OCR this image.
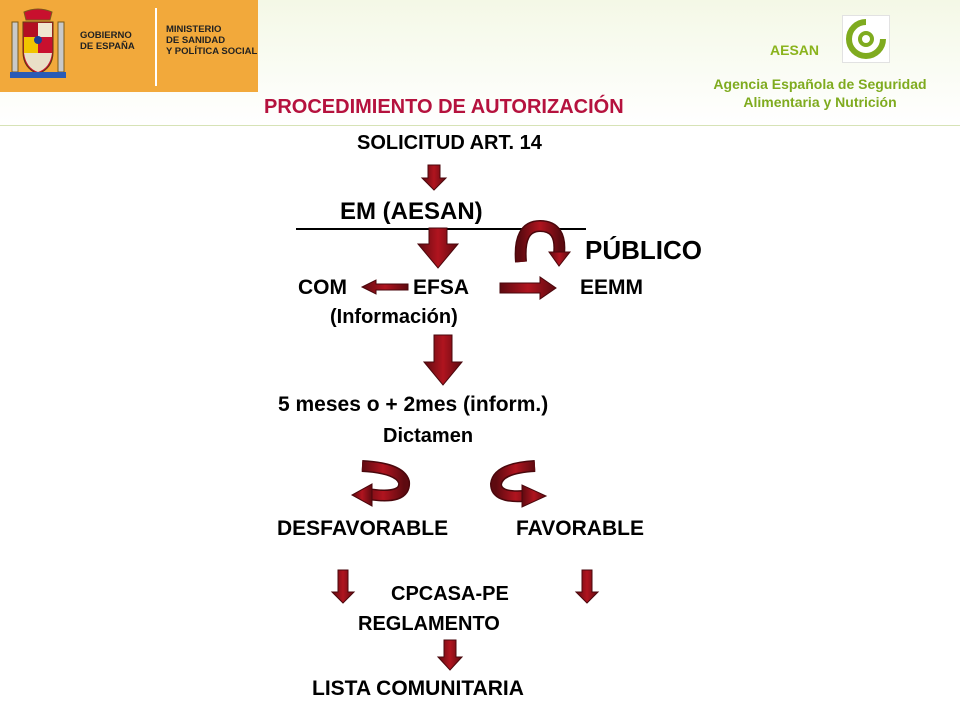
GOBIERNO
DE ESPAÑA
MINISTERIO
DE SANIDAD
Y POLÍTICA SOCIAL	AESAN
Agencia Española de Seguridad
Alimentaria y Nutrición
PROCEDIMIENTO DE AUTORIZACIÓN
SOLICITUD ART. 14
EM (AESAN)
PÚBLICO
COM	EFSA	EEMM
(Información)
5 meses o + 2mes (inform.)
Dictamen
DESFAVORABLE	FAVORABLE
CPCASA-PE
REGLAMENTO
LISTA COMUNITARIA
